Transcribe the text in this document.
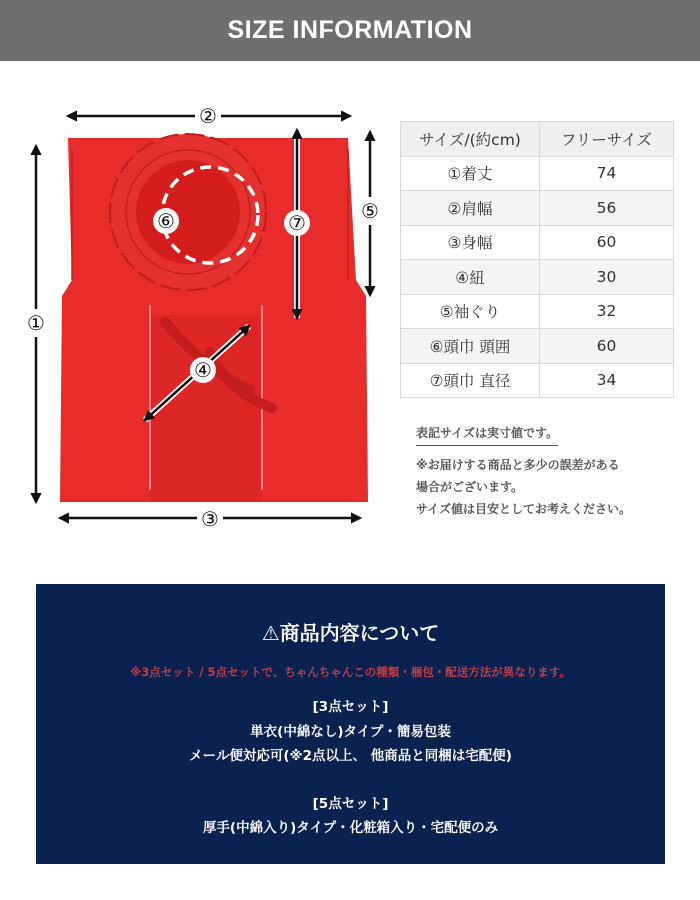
SIZE INFORMATION
①
②
③
⑤
⑦
⑥
④
サイズ/(約cm)	フリーサイズ
①着丈	74
②肩幅	56
③身幅	60
④紐	30
⑤袖ぐり	32
⑥頭巾 頭囲	60
⑦頭巾 直径	34
表記サイズは実寸値です。
※お届けする商品と多少の誤差がある
場合がございます。
サイズ値は目安としてお考えください。
⚠商品内容について
※3点セット / 5点セットで、ちゃんちゃんこの種類・梱包・配送方法が異なります。
[3点セット]
単衣(中綿なし)タイプ・簡易包装
メール便対応可(※2点以上、 他商品と同梱は宅配便)
[5点セット]
厚手(中綿入り)タイプ・化粧箱入り・宅配便のみ
